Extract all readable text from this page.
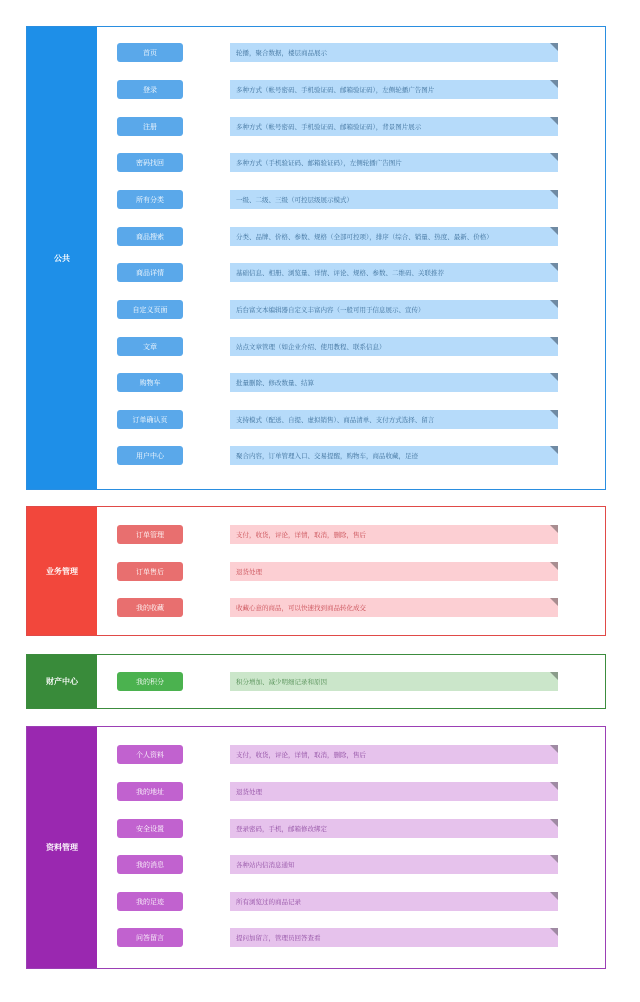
公共
首页	轮播，聚合数据，楼层商品展示
登录	多种方式（帐号密码、手机验证码、邮箱验证码），左侧轮播广告图片
注册	多种方式（帐号密码、手机验证码、邮箱验证码），背景图片展示
密码找回	多种方式（手机验证码、邮箱验证码），左侧轮播广告图片
所有分类	一级、二级、三级（可控层级展示模式）
商品搜索	分类、品牌、价格、参数、规格（全部可控项），排序（综合、销量、热度、最新、价格）
商品详情	基础信息、相册、浏览量、详情、评论、规格、参数、二维码、关联推荐
自定义页面	后台富文本编辑器自定义丰富内容（一般可用于信息展示、宣传）
文章	站点文章管理（如企业介绍、使用教程、联系信息）
购物车	批量删除、修改数量、结算
订单确认页	支持模式（配送、自提、虚拟销售）、商品清单、支付方式选择、留言
用户中心	聚合内容，订单管理入口、交易提醒，购物车，商品收藏，足迹
业务管理
订单管理	支付，收货，评论，详情，取消，删除，售后
订单售后	退货处理
我的收藏	收藏心意的商品，可以快速找到商品转化成交
财产中心	我的积分	积分增加、减少明细记录和原因
资料管理
个人资料	支付，收货，评论，详情，取消，删除，售后
我的地址	退货处理
安全设置	登录密码，手机，邮箱修改绑定
我的消息	各种站内信消息通知
我的足迹	所有浏览过的商品记录
问答留言	提问加留言，管理员回答查看
